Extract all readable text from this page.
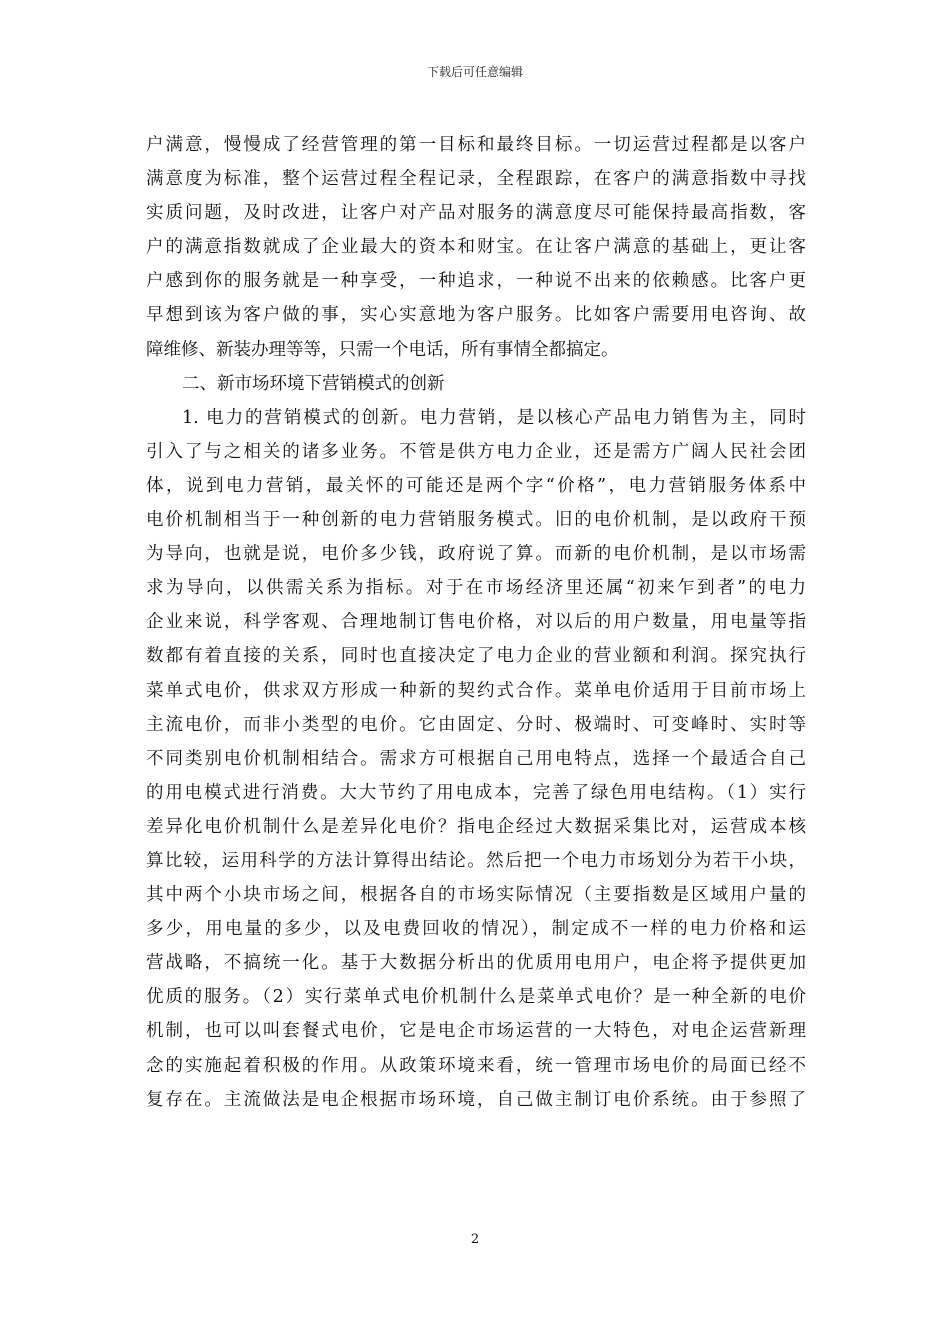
下载后可任意编辑
户满意，慢慢成了经营管理的第一目标和最终目标。一切运营过程都是以客户
满意度为标准，整个运营过程全程记录，全程跟踪，在客户的满意指数中寻找
实质问题，及时改进，让客户对产品对服务的满意度尽可能保持最高指数，客
户的满意指数就成了企业最大的资本和财宝。在让客户满意的基础上，更让客
户感到你的服务就是一种享受，一种追求，一种说不出来的依赖感。比客户更
早想到该为客户做的事，实心实意地为客户服务。比如客户需要用电咨询、故
障维修、新装办理等等，只需一个电话，所有事情全都搞定。
二、新市场环境下营销模式的创新
1. 电力的营销模式的创新。电力营销，是以核心产品电力销售为主，同时
引入了与之相关的诸多业务。不管是供方电力企业，还是需方广阔人民社会团
体，说到电力营销，最关怀的可能还是两个字“价格”，电力营销服务体系中
电价机制相当于一种创新的电力营销服务模式。旧的电价机制，是以政府干预
为导向，也就是说，电价多少钱，政府说了算。而新的电价机制，是以市场需
求为导向，以供需关系为指标。对于在市场经济里还属“初来乍到者”的电力
企业来说，科学客观、合理地制订售电价格，对以后的用户数量，用电量等指
数都有着直接的关系，同时也直接决定了电力企业的营业额和利润。探究执行
菜单式电价，供求双方形成一种新的契约式合作。菜单电价适用于目前市场上
主流电价，而非小类型的电价。它由固定、分时、极端时、可变峰时、实时等
不同类别电价机制相结合。需求方可根据自己用电特点，选择一个最适合自己
的用电模式进行消费。大大节约了用电成本，完善了绿色用电结构。（1）实行
差异化电价机制什么是差异化电价？指电企经过大数据采集比对，运营成本核
算比较，运用科学的方法计算得出结论。然后把一个电力市场划分为若干小块，
其中两个小块市场之间，根据各自的市场实际情况（主要指数是区域用户量的
多少，用电量的多少，以及电费回收的情况），制定成不一样的电力价格和运
营战略，不搞统一化。基于大数据分析出的优质用电用户，电企将予提供更加
优质的服务。（2）实行菜单式电价机制什么是菜单式电价？是一种全新的电价
机制，也可以叫套餐式电价，它是电企市场运营的一大特色，对电企运营新理
念的实施起着积极的作用。从政策环境来看，统一管理市场电价的局面已经不
复存在。主流做法是电企根据市场环境，自己做主制订电价系统。由于参照了
2
